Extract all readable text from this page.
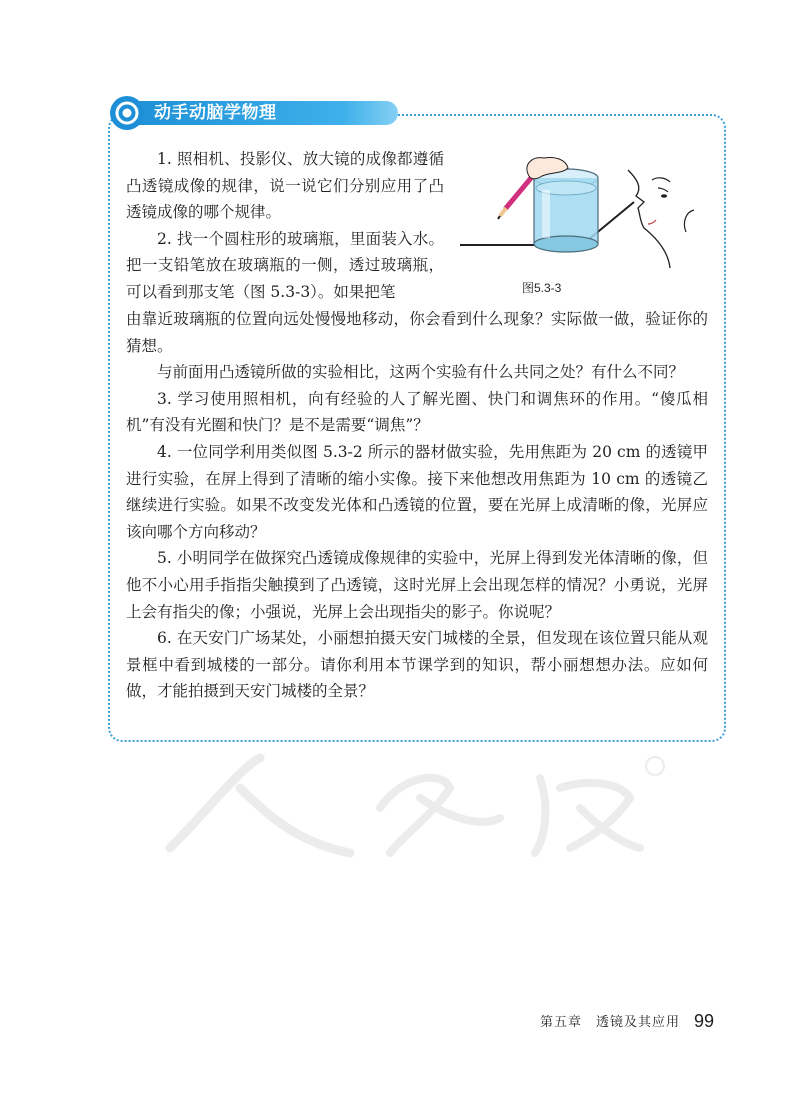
动手动脑学物理
图5.3-3

1. 照相机、投影仪、放大镜的成像都遵循凸透镜成像的规律，说一说它们分别应用了凸透镜成像的哪个规律。

2. 找一个圆柱形的玻璃瓶，里面装入水。把一支铅笔放在玻璃瓶的一侧，透过玻璃瓶，可以看到那支笔（图 5.3-3）。如果把笔

由靠近玻璃瓶的位置向远处慢慢地移动，你会看到什么现象？实际做一做，验证你的猜想。

与前面用凸透镜所做的实验相比，这两个实验有什么共同之处？有什么不同？

3. 学习使用照相机，向有经验的人了解光圈、快门和调焦环的作用。“傻瓜相机”有没有光圈和快门？是不是需要“调焦”？

4. 一位同学利用类似图 5.3-2 所示的器材做实验，先用焦距为 20 cm 的透镜甲进行实验，在屏上得到了清晰的缩小实像。接下来他想改用焦距为 10 cm 的透镜乙继续进行实验。如果不改变发光体和凸透镜的位置，要在光屏上成清晰的像，光屏应该向哪个方向移动？

5. 小明同学在做探究凸透镜成像规律的实验中，光屏上得到发光体清晰的像，但他不小心用手指指尖触摸到了凸透镜，这时光屏上会出现怎样的情况？小勇说，光屏上会有指尖的像；小强说，光屏上会出现指尖的影子。你说呢？

6. 在天安门广场某处，小丽想拍摄天安门城楼的全景，但发现在该位置只能从观景框中看到城楼的一部分。请你利用本节课学到的知识，帮小丽想想办法。应如何做，才能拍摄到天安门城楼的全景？

第五章　透镜及其应用 99
